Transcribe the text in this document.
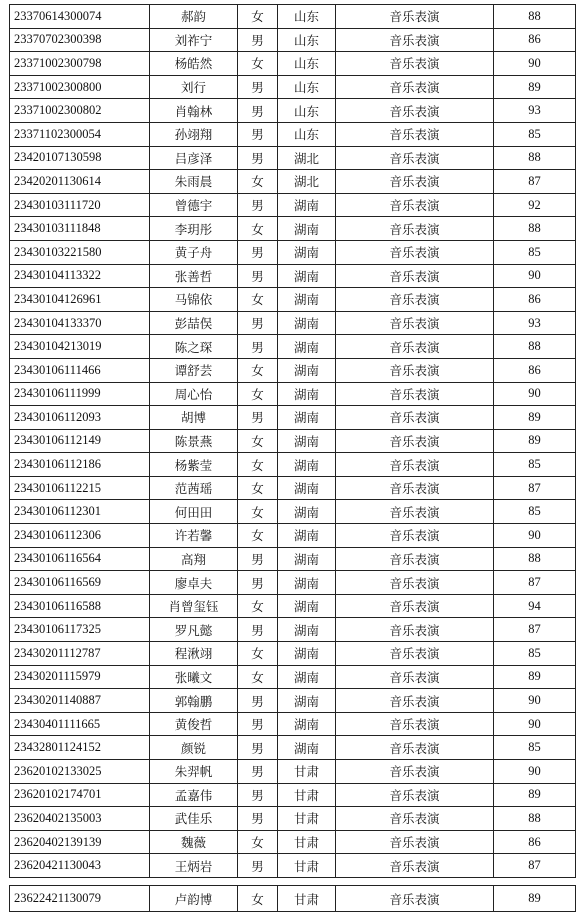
23370614300074	郝韵	女	山东	音乐表演	88
23370702300398	刘祚宁	男	山东	音乐表演	86
23371002300798	杨皓然	女	山东	音乐表演	90
23371002300800	刘行	男	山东	音乐表演	89
23371002300802	肖翰林	男	山东	音乐表演	93
23371102300054	孙翊翔	男	山东	音乐表演	85
23420107130598	吕彦泽	男	湖北	音乐表演	88
23420201130614	朱雨晨	女	湖北	音乐表演	87
23430103111720	曾德宇	男	湖南	音乐表演	92
23430103111848	李玥彤	女	湖南	音乐表演	88
23430103221580	黄子舟	男	湖南	音乐表演	85
23430104113322	张善哲	男	湖南	音乐表演	90
23430104126961	马锦依	女	湖南	音乐表演	86
23430104133370	彭喆俣	男	湖南	音乐表演	93
23430104213019	陈之琛	男	湖南	音乐表演	88
23430106111466	谭舒芸	女	湖南	音乐表演	86
23430106111999	周心怡	女	湖南	音乐表演	90
23430106112093	胡博	男	湖南	音乐表演	89
23430106112149	陈景燕	女	湖南	音乐表演	89
23430106112186	杨紫莹	女	湖南	音乐表演	85
23430106112215	范茜瑶	女	湖南	音乐表演	87
23430106112301	何田田	女	湖南	音乐表演	85
23430106112306	许若馨	女	湖南	音乐表演	90
23430106116564	高翔	男	湖南	音乐表演	88
23430106116569	廖卓夫	男	湖南	音乐表演	87
23430106116588	肖曾玺钰	女	湖南	音乐表演	94
23430106117325	罗凡懿	男	湖南	音乐表演	87
23430201112787	程湫翊	女	湖南	音乐表演	85
23430201115979	张曦文	女	湖南	音乐表演	89
23430201140887	郭翰鹏	男	湖南	音乐表演	90
23430401111665	黄俊哲	男	湖南	音乐表演	90
23432801124152	颜锐	男	湖南	音乐表演	85
23620102133025	朱羿帆	男	甘肃	音乐表演	90
23620102174701	孟嘉伟	男	甘肃	音乐表演	89
23620402135003	武佳乐	男	甘肃	音乐表演	88
23620402139139	魏薇	女	甘肃	音乐表演	86
23620421130043	王炳岩	男	甘肃	音乐表演	87
23622421130079	卢韵博	女	甘肃	音乐表演	89
